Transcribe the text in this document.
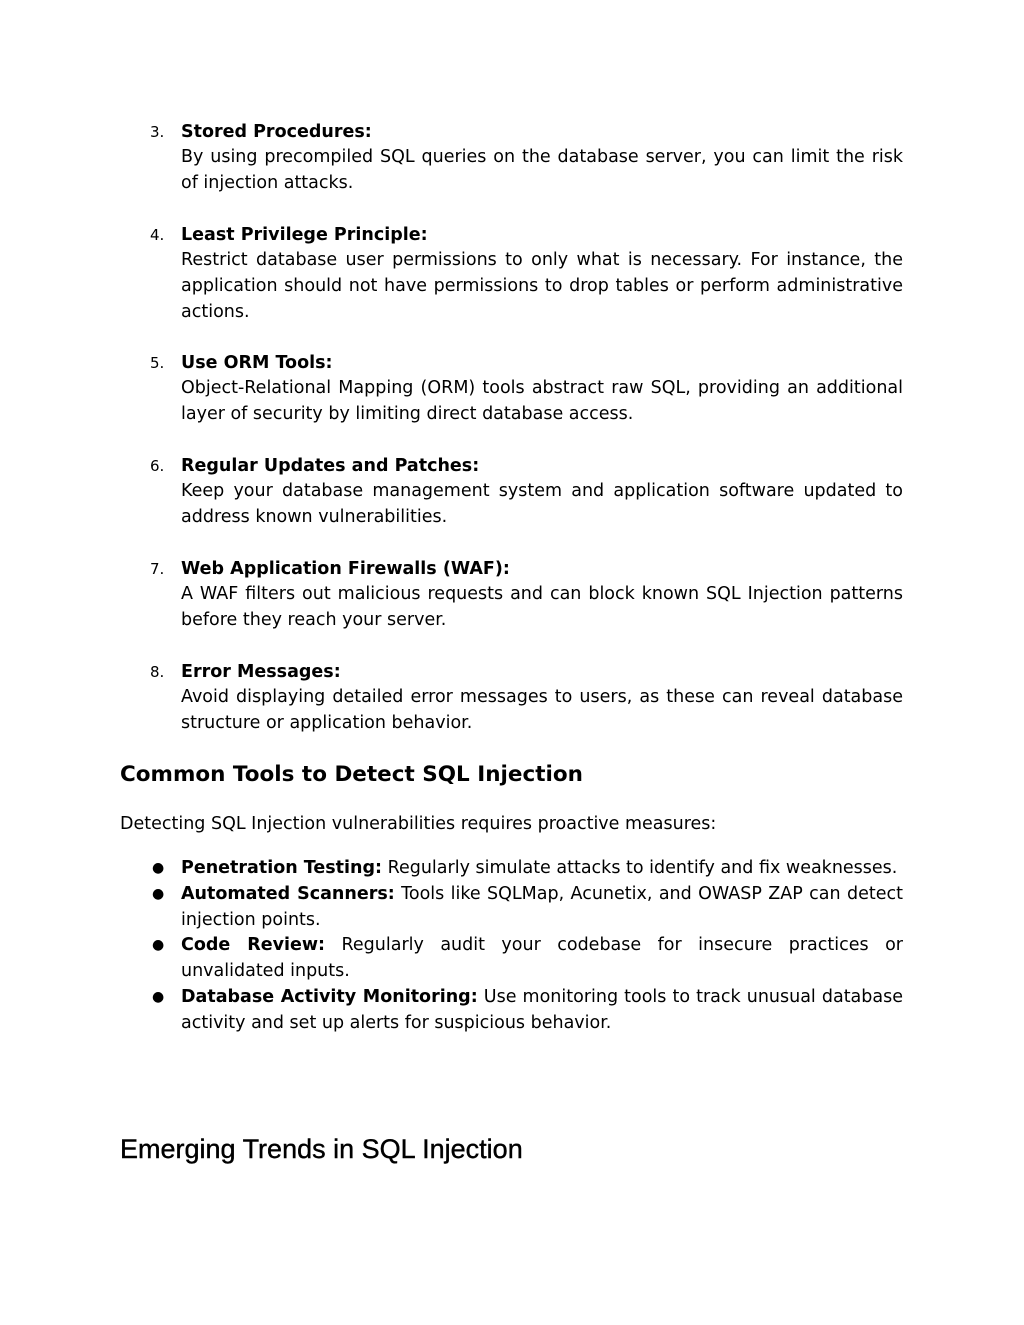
3. Stored Procedures:

By using precompiled SQL queries on the database server, you can limit the risk of injection attacks.

4. Least Privilege Principle:

Restrict database user permissions to only what is necessary. For instance, the application should not have permissions to drop tables or perform administrative actions.

5. Use ORM Tools:

Object-Relational Mapping (ORM) tools abstract raw SQL, providing an additional layer of security by limiting direct database access.

6. Regular Updates and Patches:

Keep your database management system and application software updated to address known vulnerabilities.

7. Web Application Firewalls (WAF):

A WAF filters out malicious requests and can block known SQL Injection patterns before they reach your server.

8. Error Messages:

Avoid displaying detailed error messages to users, as these can reveal database structure or application behavior.

Common Tools to Detect SQL Injection

Detecting SQL Injection vulnerabilities requires proactive measures:

● Penetration Testing: Regularly simulate attacks to identify and fix weaknesses.
● Automated Scanners: Tools like SQLMap, Acunetix, and OWASP ZAP can detect injection points.
● Code Review: Regularly audit your codebase for insecure practices or unvalidated inputs.
● Database Activity Monitoring: Use monitoring tools to track unusual database activity and set up alerts for suspicious behavior.
Emerging Trends in SQL Injection
